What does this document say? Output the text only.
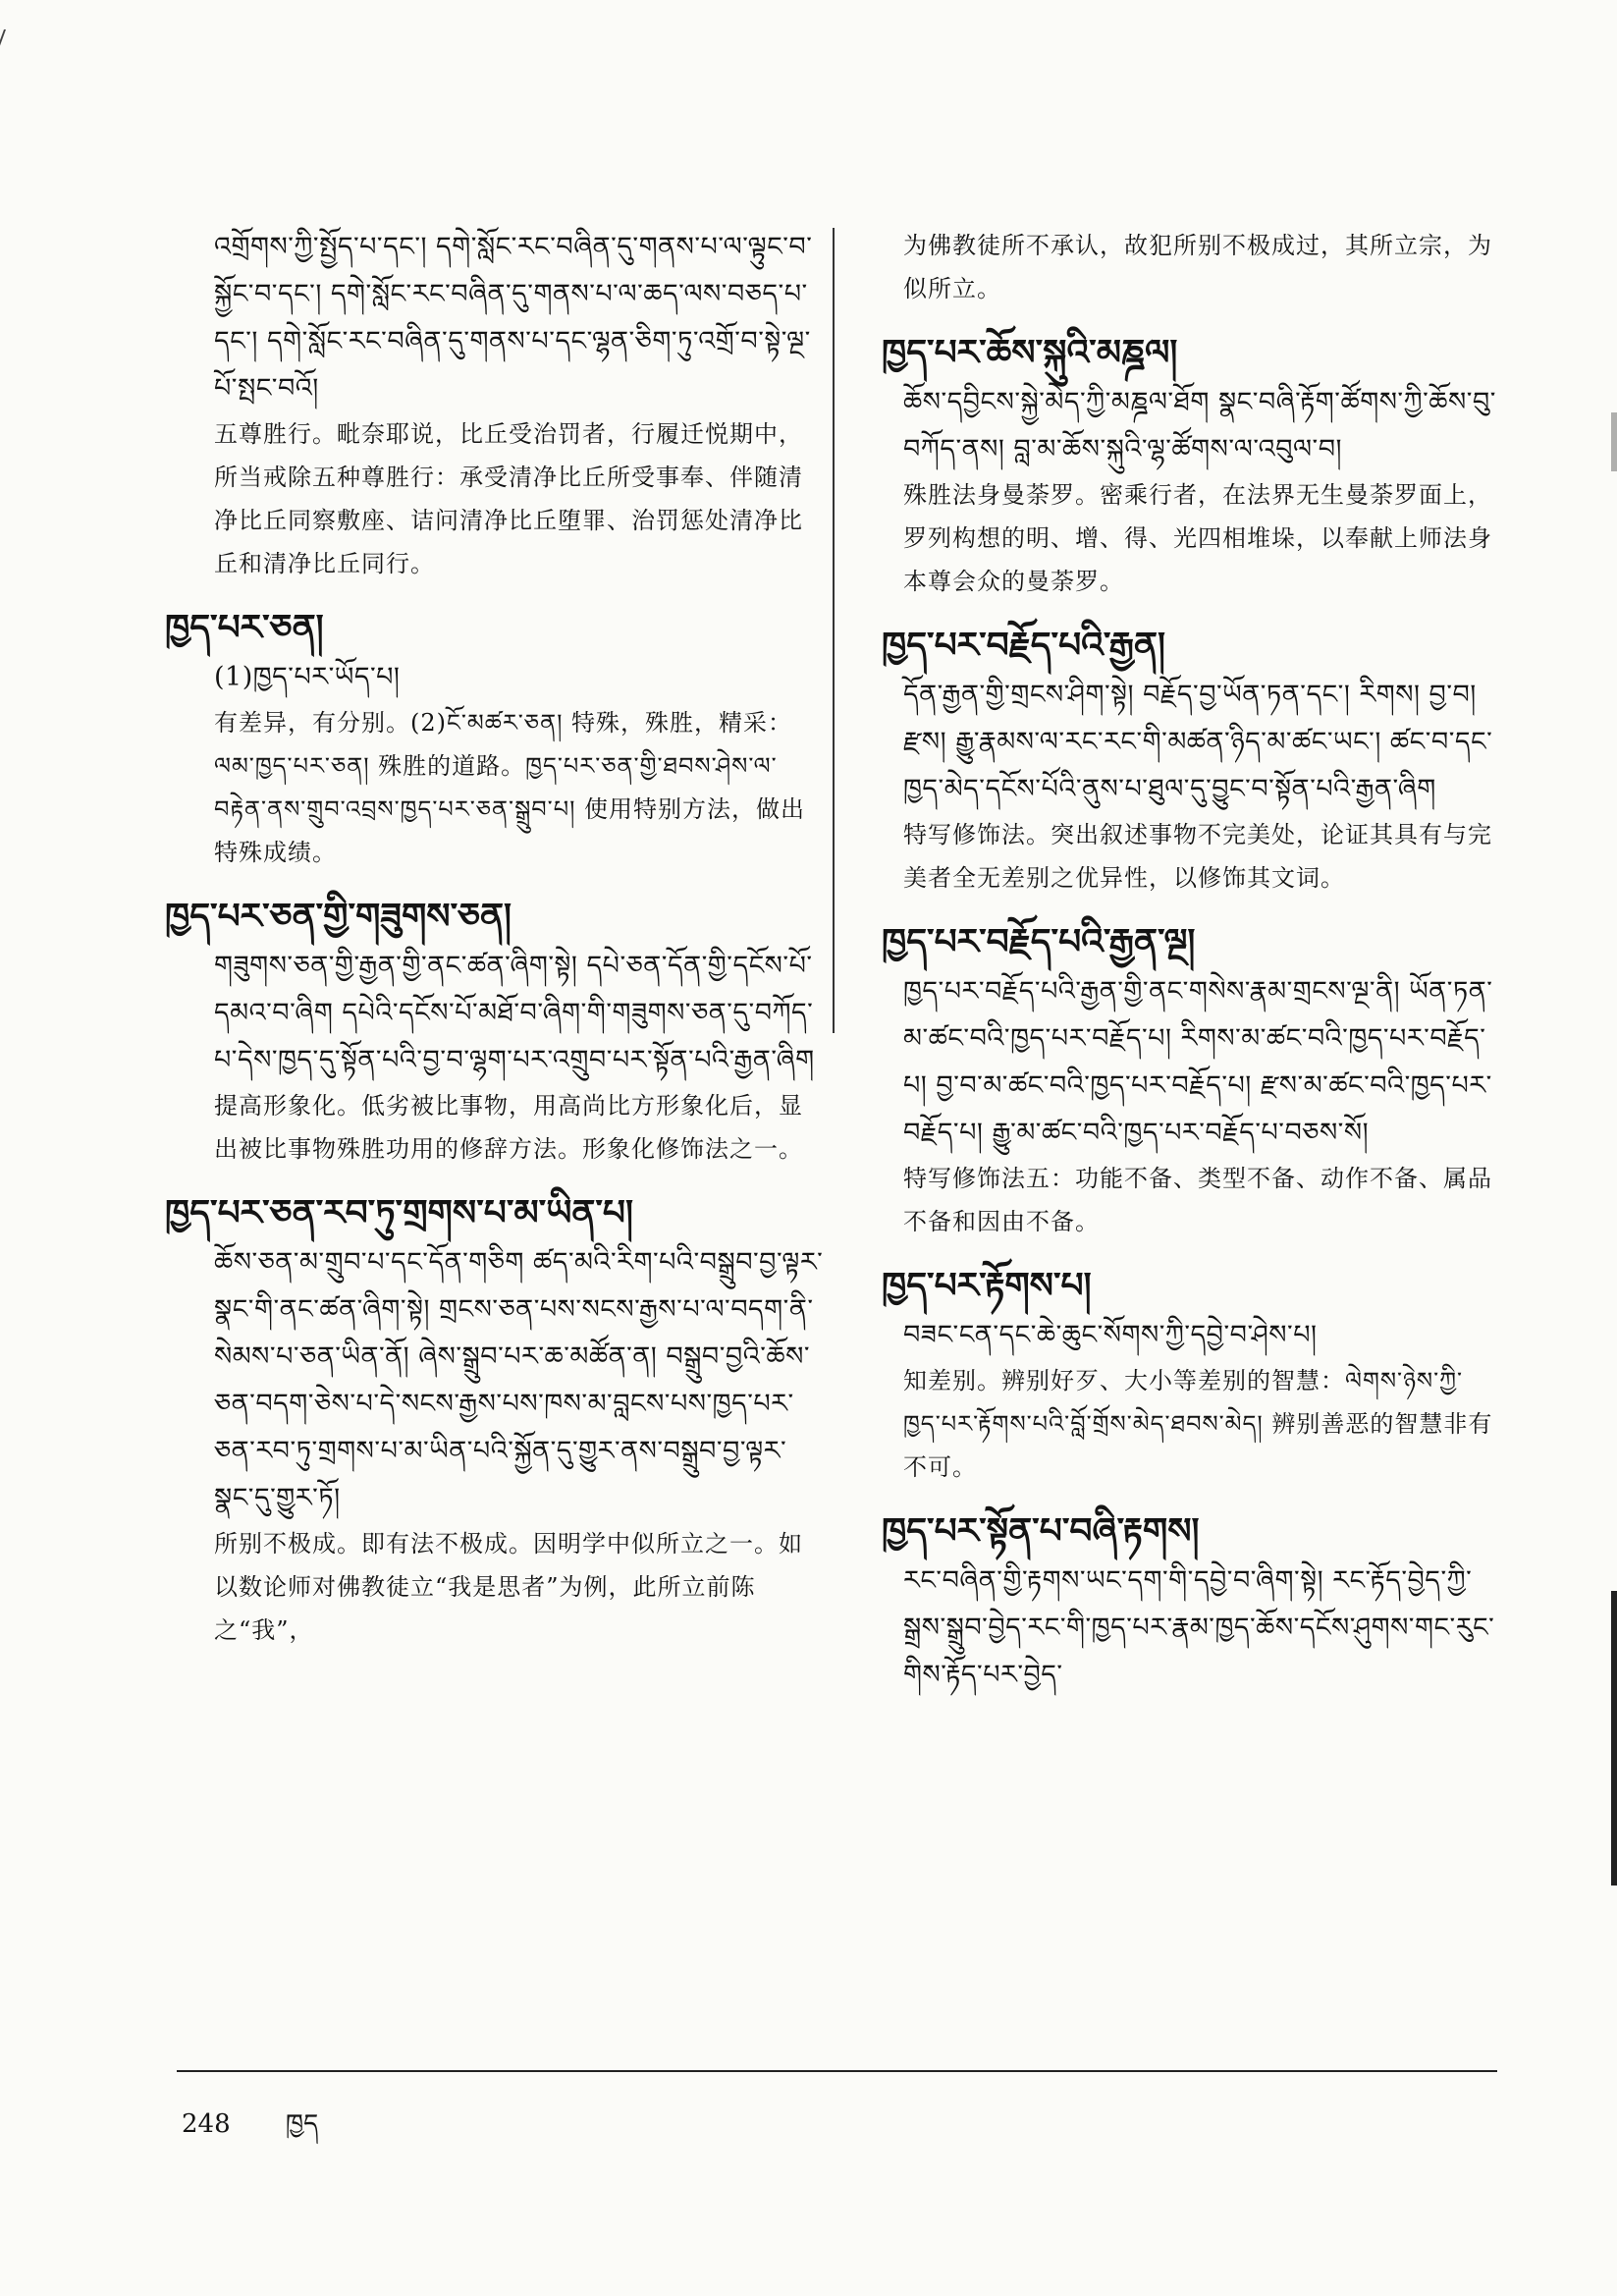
འགྲོགས་ཀྱི་སྤྱོད་པ་དང་། དགེ་སློང་རང་བཞིན་དུ་གནས་པ་ལ་ལྟུང་བ་སྐྱོང་བ་དང་། དགེ་སློང་རང་བཞིན་དུ་གནས་པ་ལ་ཆད་ལས་བཅད་པ་དང་། དགེ་སློང་རང་བཞིན་དུ་གནས་པ་དང་ལྷན་ཅིག་ཏུ་འགྲོ་བ་སྟེ་ལྔ་པོ་སྤང་བའོ།
五尊胜行。毗奈耶说，比丘受治罚者，行履迁悦期中，所当戒除五种尊胜行：承受清净比丘所受事奉、伴随清净比丘同察敷座、诘问清净比丘堕罪、治罚惩处清净比丘和清净比丘同行。
ཁྱད་པར་ཅན།
(1)ཁྱད་པར་ཡོད་པ།
有差异，有分别。(2)ངོ་མཚར་ཅན། 特殊，殊胜，精采：ལམ་ཁྱད་པར་ཅན། 殊胜的道路。ཁྱད་པར་ཅན་གྱི་ཐབས་ཤེས་ལ་བརྟེན་ནས་གྲུབ་འབྲས་ཁྱད་པར་ཅན་སྒྲུབ་པ། 使用特别方法，做出特殊成绩。
ཁྱད་པར་ཅན་གྱི་གཟུགས་ཅན།
གཟུགས་ཅན་གྱི་རྒྱན་གྱི་ནང་ཚན་ཞིག་སྟེ། དཔེ་ཅན་དོན་གྱི་དངོས་པོ་དམའ་བ་ཞིག དཔེའི་དངོས་པོ་མཐོ་བ་ཞིག་གི་གཟུགས་ཅན་དུ་བཀོད་པ་དེས་ཁྱད་དུ་སྟོན་པའི་བྱ་བ་ལྷག་པར་འགྲུབ་པར་སྟོན་པའི་རྒྱན་ཞིག
提高形象化。低劣被比事物，用高尚比方形象化后，显出被比事物殊胜功用的修辞方法。形象化修饰法之一。
ཁྱད་པར་ཅན་རབ་ཏུ་གྲགས་པ་མ་ཡིན་པ།
ཆོས་ཅན་མ་གྲུབ་པ་དང་དོན་གཅིག ཚད་མའི་རིག་པའི་བསྒྲུབ་བྱ་ལྟར་སྣང་གི་ནང་ཚན་ཞིག་སྟེ། གྲངས་ཅན་པས་སངས་རྒྱས་པ་ལ་བདག་ནི་སེམས་པ་ཅན་ཡིན་ནོ། ཞེས་སྒྲུབ་པར་ཆ་མཚོན་ན། བསྒྲུབ་བྱའི་ཆོས་ཅན་བདག་ཅེས་པ་དེ་སངས་རྒྱས་པས་ཁས་མ་བླངས་པས་ཁྱད་པར་ཅན་རབ་ཏུ་གྲགས་པ་མ་ཡིན་པའི་སྐྱོན་དུ་གྱུར་ནས་བསྒྲུབ་བྱ་ལྟར་སྣང་དུ་གྱུར་ཏོ།
所别不极成。即有法不极成。因明学中似所立之一。如以数论师对佛教徒立“我是思者”为例，此所立前陈之“我”，
为佛教徒所不承认，故犯所别不极成过，其所立宗，为似所立。
ཁྱད་པར་ཆོས་སྐུའི་མཎྜལ།
ཆོས་དབྱིངས་སྐྱེ་མེད་ཀྱི་མཎྜལ་ཐོག སྣང་བཞི་རྟོག་ཚོགས་ཀྱི་ཆོས་བུ་བཀོད་ནས། བླ་མ་ཆོས་སྐུའི་ལྷ་ཚོགས་ལ་འབུལ་བ།
殊胜法身曼荼罗。密乘行者，在法界无生曼荼罗面上，罗列构想的明、增、得、光四相堆垛，以奉献上师法身本尊会众的曼荼罗。
ཁྱད་པར་བརྗོད་པའི་རྒྱན།
དོན་རྒྱན་གྱི་གྲངས་ཤིག་སྟེ། བརྗོད་བྱ་ཡོན་ཏན་དང་། རིགས། བྱ་བ། རྫས། རྒྱུ་རྣམས་ལ་རང་རང་གི་མཚན་ཉིད་མ་ཚང་ཡང་། ཚང་བ་དང་ཁྱད་མེད་དངོས་པོའི་ནུས་པ་ཐུལ་དུ་བྱུང་བ་སྟོན་པའི་རྒྱན་ཞིག
特写修饰法。突出叙述事物不完美处，论证其具有与完美者全无差别之优异性，以修饰其文词。
ཁྱད་པར་བརྗོད་པའི་རྒྱན་ལྔ།
ཁྱད་པར་བརྗོད་པའི་རྒྱན་གྱི་ནང་གསེས་རྣམ་གྲངས་ལྔ་ནི། ཡོན་ཏན་མ་ཚང་བའི་ཁྱད་པར་བརྗོད་པ། རིགས་མ་ཚང་བའི་ཁྱད་པར་བརྗོད་པ། བྱ་བ་མ་ཚང་བའི་ཁྱད་པར་བརྗོད་པ། རྫས་མ་ཚང་བའི་ཁྱད་པར་བརྗོད་པ། རྒྱུ་མ་ཚང་བའི་ཁྱད་པར་བརྗོད་པ་བཅས་སོ།
特写修饰法五：功能不备、类型不备、动作不备、属品不备和因由不备。
ཁྱད་པར་རྟོགས་པ།
བཟང་ངན་དང་ཆེ་ཆུང་སོགས་ཀྱི་དབྱེ་བ་ཤེས་པ།
知差别。辨别好歹、大小等差别的智慧：ལེགས་ཉེས་ཀྱི་ཁྱད་པར་རྟོགས་པའི་བློ་གྲོས་མེད་ཐབས་མེད། 辨别善恶的智慧非有不可。
ཁྱད་པར་སྟོན་པ་བཞི་རྟགས།
རང་བཞིན་གྱི་རྟགས་ཡང་དག་གི་དབྱེ་བ་ཞིག་སྟེ། རང་རྟོད་བྱེད་ཀྱི་སྒྲས་སྒྲུབ་བྱེད་རང་གི་ཁྱད་པར་རྣམ་ཁྱད་ཆོས་དངོས་ཤུགས་གང་རུང་གིས་རྟོད་པར་བྱེད་
248 ཁྱད
